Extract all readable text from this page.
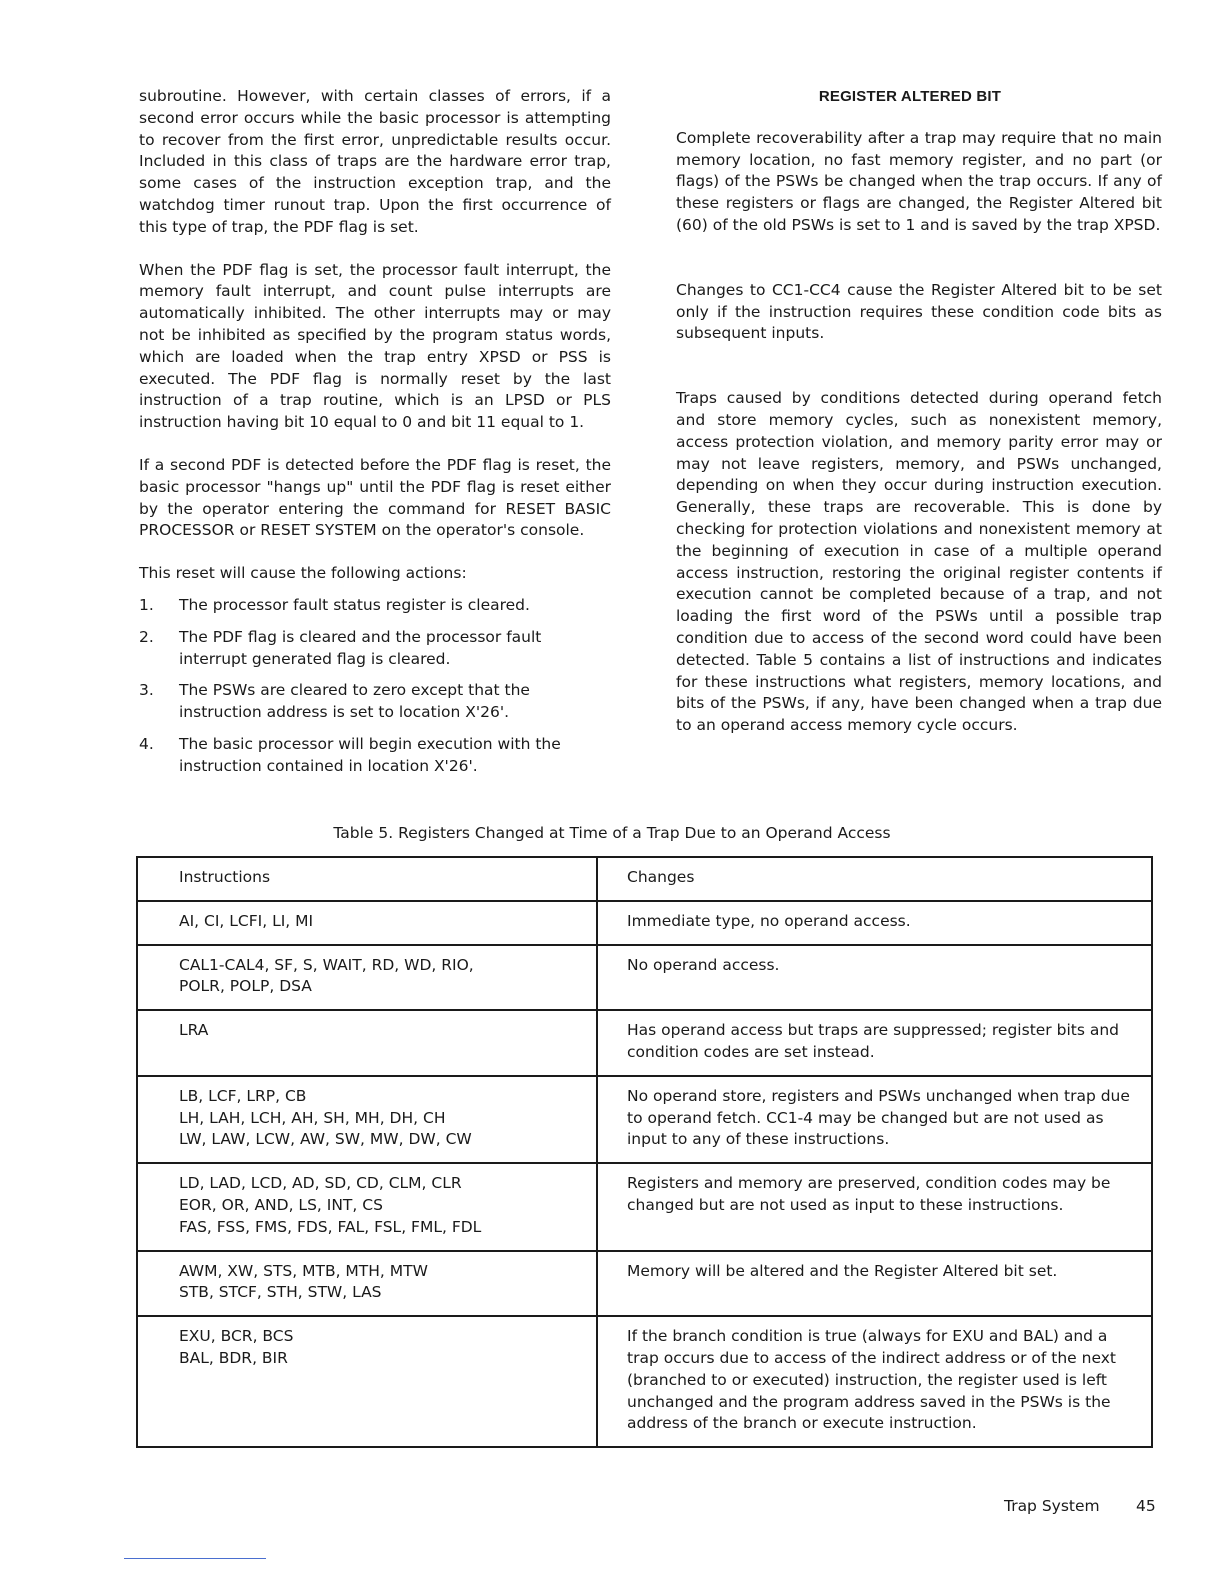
subroutine. However, with certain classes of errors, if a second error occurs while the basic processor is attempting to recover from the first error, unpredictable results occur. Included in this class of traps are the hardware error trap, some cases of the instruction exception trap, and the watchdog timer runout trap. Upon the first occurrence of this type of trap, the PDF flag is set.

When the PDF flag is set, the processor fault interrupt, the memory fault interrupt, and count pulse interrupts are automatically inhibited. The other interrupts may or may not be inhibited as specified by the program status words, which are loaded when the trap entry XPSD or PSS is executed. The PDF flag is normally reset by the last instruction of a trap routine, which is an LPSD or PLS instruction having bit 10 equal to 0 and bit 11 equal to 1.

If a second PDF is detected before the PDF flag is reset, the basic processor "hangs up" until the PDF flag is reset either by the operator entering the command for RESET BASIC PROCESSOR or RESET SYSTEM on the operator's console.

This reset will cause the following actions:

1.	The processor fault status register is cleared.
2.	The PDF flag is cleared and the processor fault interrupt generated flag is cleared.
3.	The PSWs are cleared to zero except that the instruction address is set to location X'26'.
4.	The basic processor will begin execution with the instruction contained in location X'26'.
REGISTER ALTERED BIT

Complete recoverability after a trap may require that no main memory location, no fast memory register, and no part (or flags) of the PSWs be changed when the trap occurs. If any of these registers or flags are changed, the Register Altered bit (60) of the old PSWs is set to 1 and is saved by the trap XPSD.

Changes to CC1-CC4 cause the Register Altered bit to be set only if the instruction requires these condition code bits as subsequent inputs.

Traps caused by conditions detected during operand fetch and store memory cycles, such as nonexistent memory, access protection violation, and memory parity error may or may not leave registers, memory, and PSWs unchanged, depending on when they occur during instruction execution. Generally, these traps are recoverable. This is done by checking for protection violations and nonexistent memory at the beginning of execution in case of a multiple operand access instruction, restoring the original register contents if execution cannot be completed because of a trap, and not loading the first word of the PSWs until a possible trap condition due to access of the second word could have been detected. Table 5 contains a list of instructions and indicates for these instructions what registers, memory locations, and bits of the PSWs, if any, have been changed when a trap due to an operand access memory cycle occurs.

Table 5. Registers Changed at Time of a Trap Due to an Operand Access
Instructions	Changes

AI, CI, LCFI, LI, MI	Immediate type, no operand access.

CAL1-CAL4, SF, S, WAIT, RD, WD, RIO,
POLR, POLP, DSA	No operand access.

LRA	Has operand access but traps are suppressed; register bits and condition codes are set instead.

LB, LCF, LRP, CB
LH, LAH, LCH, AH, SH, MH, DH, CH
LW, LAW, LCW, AW, SW, MW, DW, CW	No operand store, registers and PSWs unchanged when trap due to operand fetch. CC1-4 may be changed but are not used as input to any of these instructions.

LD, LAD, LCD, AD, SD, CD, CLM, CLR
EOR, OR, AND, LS, INT, CS
FAS, FSS, FMS, FDS, FAL, FSL, FML, FDL	Registers and memory are preserved, condition codes may be changed but are not used as input to these instructions.

AWM, XW, STS, MTB, MTH, MTW
STB, STCF, STH, STW, LAS	Memory will be altered and the Register Altered bit set.

EXU, BCR, BCS
BAL, BDR, BIR	If the branch condition is true (always for EXU and BAL) and a trap occurs due to access of the indirect address or of the next (branched to or executed) instruction, the register used is left unchanged and the program address saved in the PSWs is the address of the branch or execute instruction.
Trap System 45
